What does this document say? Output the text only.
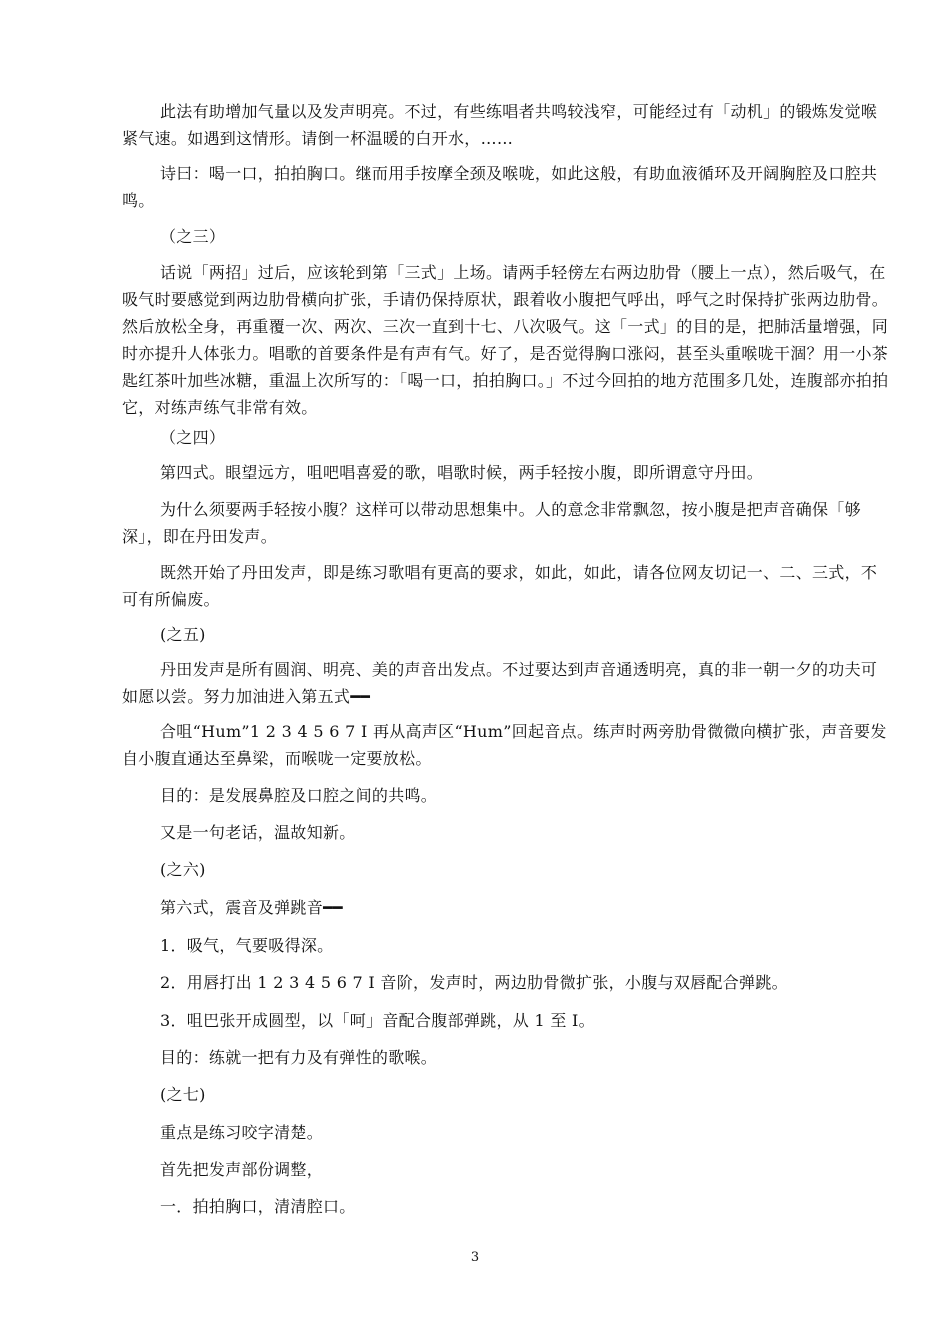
此法有助增加气量以及发声明亮。不过，有些练唱者共鸣较浅窄，可能经过有「动机」的锻炼发觉喉紧气速。如遇到这情形。请倒一杯温暖的白开水，……

诗曰：喝一口，拍拍胸口。继而用手按摩全颈及喉咙，如此这般，有助血液循环及开阔胸腔及口腔共鸣。

（之三）

话说「两招」过后，应该轮到第「三式」上场。请两手轻傍左右两边肋骨（腰上一点），然后吸气，在吸气时要感觉到两边肋骨横向扩张，手请仍保持原状，跟着收小腹把气呼出，呼气之时保持扩张两边肋骨。然后放松全身，再重覆一次、两次、三次一直到十七、八次吸气。这「一式」的目的是，把肺活量增强，同时亦提升人体张力。唱歌的首要条件是有声有气。好了，是否觉得胸口涨闷，甚至头重喉咙干涸？用一小茶匙红茶叶加些冰糖，重温上次所写的：「喝一口，拍拍胸口。」不过今回拍的地方范围多几处，连腹部亦拍拍它，对练声练气非常有效。

（之四）

第四式。眼望远方，咀吧唱喜爱的歌，唱歌时候，两手轻按小腹，即所谓意守丹田。

为什么须要两手轻按小腹？这样可以带动思想集中。人的意念非常飘忽，按小腹是把声音确保「够深」，即在丹田发声。

既然开始了丹田发声，即是练习歌唱有更高的要求，如此，如此，请各位网友切记一、二、三式，不可有所偏废。

(之五)

丹田发声是所有圆润、明亮、美的声音出发点。不过要达到声音通透明亮，真的非一朝一夕的功夫可如愿以尝。努力加油进入第五式━━

合咀“Hum”1 2 3 4 5 6 7 I 再从高声区“Hum”回起音点。练声时两旁肋骨微微向横扩张，声音要发自小腹直通达至鼻梁，而喉咙一定要放松。

目的：是发展鼻腔及口腔之间的共鸣。

又是一句老话，温故知新。

(之六)

第六式，震音及弹跳音━━

1．吸气，气要吸得深。

2．用唇打出 1 2 3 4 5 6 7 I 音阶，发声时，两边肋骨微扩张，小腹与双唇配合弹跳。

3．咀巴张开成圆型，以「呵」音配合腹部弹跳，从 1 至 I。

目的：练就一把有力及有弹性的歌喉。

(之七)

重点是练习咬字清楚。

首先把发声部份调整，

一．拍拍胸口，清清腔口。

3
